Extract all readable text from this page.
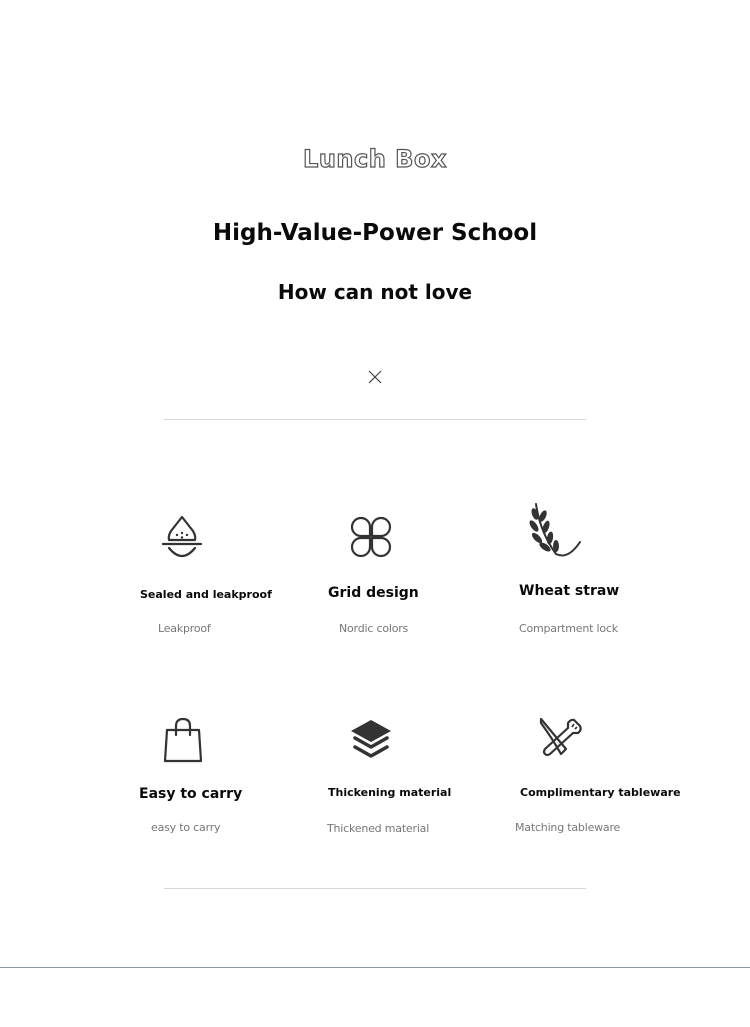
Lunch Box
High-Value-Power School
How can not love
Sealed and leakproof
Leakproof
Grid design
Nordic colors
Wheat straw
Compartment lock
Easy to carry
easy to carry
Thickening material
Thickened material
Complimentary tableware
Matching tableware
